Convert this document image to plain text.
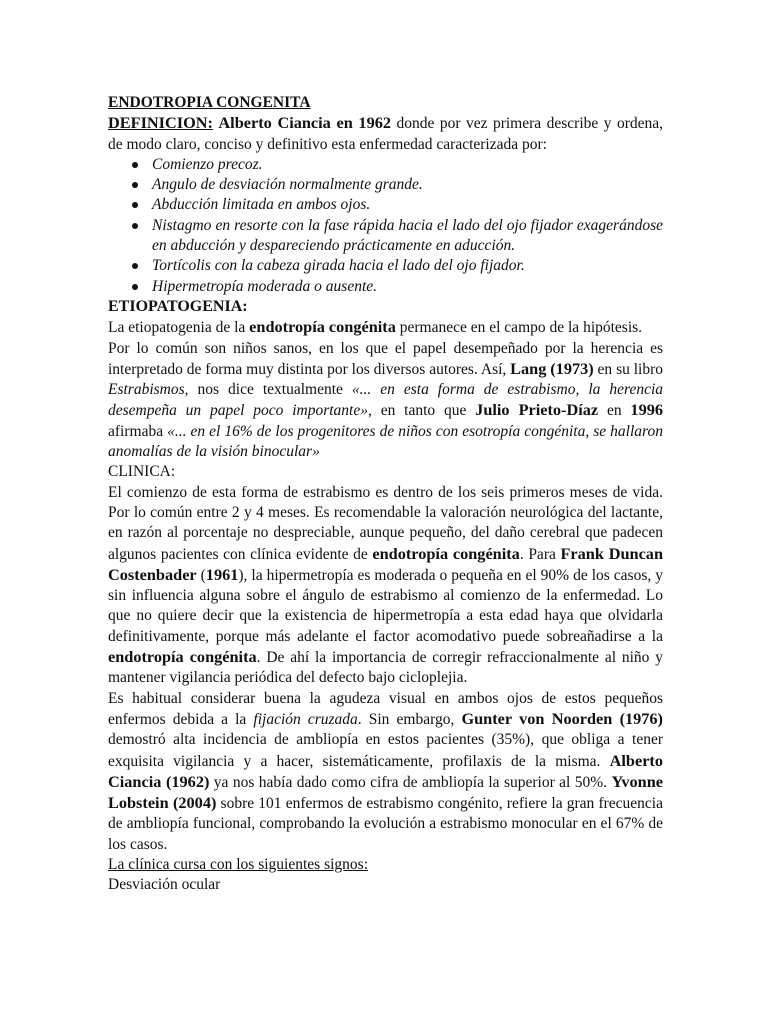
ENDOTROPIA CONGENITA

DEFINICION: Alberto Ciancia en 1962 donde por vez primera describe y ordena, de modo claro, conciso y definitivo esta enfermedad caracterizada por:

Comienzo precoz.
Angulo de desviación normalmente grande.
Abducción limitada en ambos ojos.
Nistagmo en resorte con la fase rápida hacia el lado del ojo fijador exagerándose en abducción y despareciendo prácticamente en aducción.
Tortícolis con la cabeza girada hacia el lado del ojo fijador.
Hipermetropía moderada o ausente.

ETIOPATOGENIA:

La etiopatogenia de la endotropía congénita permanece en el campo de la hipótesis.

Por lo común son niños sanos, en los que el papel desempeñado por la herencia es interpretado de forma muy distinta por los diversos autores. Así, Lang (1973) en su libro Estrabismos, nos dice textualmente «... en esta forma de estrabismo, la herencia desempeña un papel poco importante», en tanto que Julio Prieto-Díaz en 1996 afirmaba «... en el 16% de los progenitores de niños con esotropía congénita, se hallaron anomalías de la visión binocular»

CLINICA:

El comienzo de esta forma de estrabismo es dentro de los seis primeros meses de vida. Por lo común entre 2 y 4 meses. Es recomendable la valoración neurológica del lactante, en razón al porcentaje no despreciable, aunque pequeño, del daño cerebral que padecen algunos pacientes con clínica evidente de endotropía congénita. Para Frank Duncan Costenbader (1961), la hipermetropía es moderada o pequeña en el 90% de los casos, y sin influencia alguna sobre el ángulo de estrabismo al comienzo de la enfermedad. Lo que no quiere decir que la existencia de hipermetropía a esta edad haya que olvidarla definitivamente, porque más adelante el factor acomodativo puede sobreañadirse a la endotropía congénita. De ahí la importancia de corregir refraccionalmente al niño y mantener vigilancia periódica del defecto bajo cicloplejia.

Es habitual considerar buena la agudeza visual en ambos ojos de estos pequeños enfermos debida a la fijación cruzada. Sin embargo, Gunter von Noorden (1976) demostró alta incidencia de ambliopía en estos pacientes (35%), que obliga a tener exquisita vigilancia y a hacer, sistemáticamente, profilaxis de la misma. Alberto Ciancia (1962) ya nos había dado como cifra de ambliopía la superior al 50%. Yvonne Lobstein (2004) sobre 101 enfermos de estrabismo congénito, refiere la gran frecuencia de ambliopía funcional, comprobando la evolución a estrabismo monocular en el 67% de los casos.

La clínica cursa con los siguientes signos:

Desviación ocular
